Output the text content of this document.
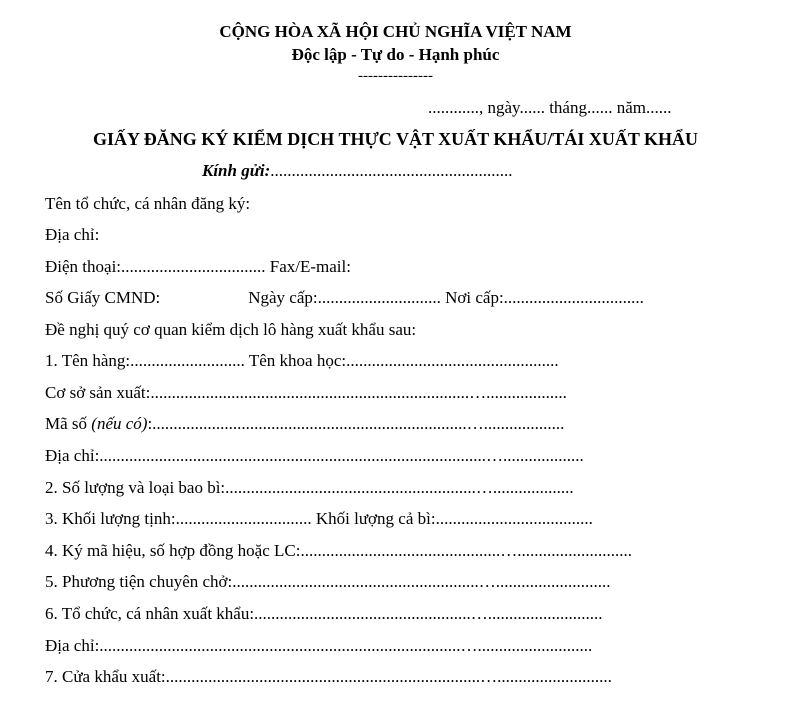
CỘNG HÒA XÃ HỘI CHỦ NGHĨA VIỆT NAM
Độc lập - Tự do - Hạnh phúc
---------------
............, ngày...... tháng...... năm......
GIẤY ĐĂNG KÝ KIỂM DỊCH THỰC VẬT XUẤT KHẨU/TÁI XUẤT KHẨU
Kính gửi:.........................................................
Tên tổ chức, cá nhân đăng ký:
Địa chỉ:
Điện thoại:.................................. Fax/E-mail:
Số Giấy CMND:	Ngày cấp:............................. Nơi cấp:.................................
Đề nghị quý cơ quan kiểm dịch lô hàng xuất khẩu sau:
1. Tên hàng:........................... Tên khoa học:..................................................
Cơ sở sản xuất:...........................................................................…...................
Mã số (nếu có):..........................................................................…...................
Địa chỉ:...........................................................................................…...................
2. Số lượng và loại bao bì:...........................................................…...................
3. Khối lượng tịnh:................................ Khối lượng cả bì:.....................................
4. Ký mã hiệu, số hợp đồng hoặc LC:...............................................…...........................
5. Phương tiện chuyên chở:..........................................................…...........................
6. Tổ chức, cá nhân xuất khẩu:...................................................…...........................
Địa chỉ:.....................................................................................…...........................
7. Cửa khẩu xuất:..........................................................................…...........................
